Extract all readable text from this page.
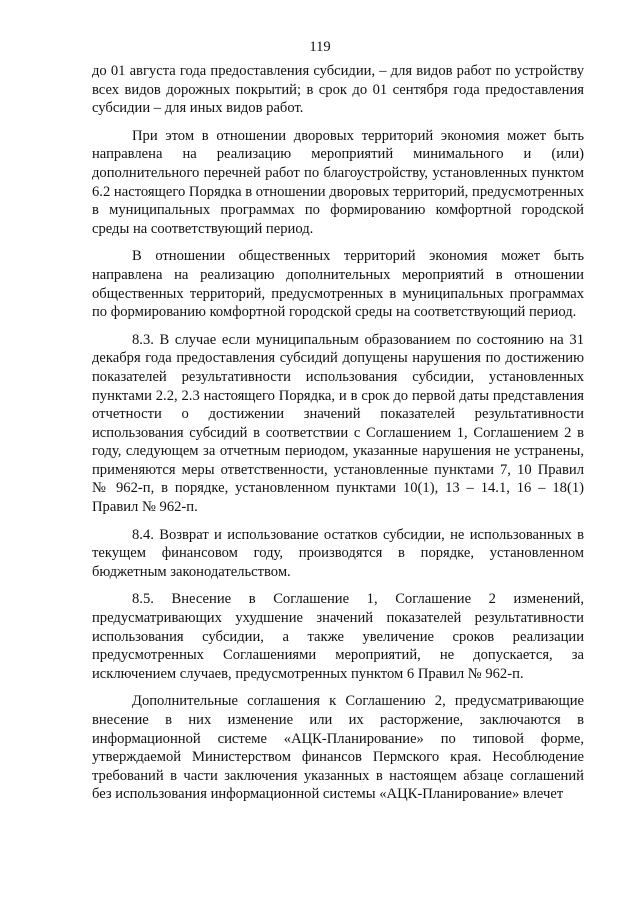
119

до 01 августа года предоставления субсидии, – для видов работ по устройству всех видов дорожных покрытий; в срок до 01 сентября года предоставления субсидии – для иных видов работ.

При этом в отношении дворовых территорий экономия может быть направлена на реализацию мероприятий минимального и (или) дополнительного перечней работ по благоустройству, установленных пунктом 6.2 настоящего Порядка в отношении дворовых территорий, предусмотренных в муниципальных программах по формированию комфортной городской среды на соответствующий период.

В отношении общественных территорий экономия может быть направлена на реализацию дополнительных мероприятий в отношении общественных территорий, предусмотренных в муниципальных программах по формированию комфортной городской среды на соответствующий период.

8.3. В случае если муниципальным образованием по состоянию на 31 декабря года предоставления субсидий допущены нарушения по достижению показателей результативности использования субсидии, установленных пунктами 2.2, 2.3 настоящего Порядка, и в срок до первой даты представления отчетности о достижении значений показателей результативности использования субсидий в соответствии с Соглашением 1, Соглашением 2 в году, следующем за отчетным периодом, указанные нарушения не устранены, применяются меры ответственности, установленные пунктами 7, 10 Правил № 962-п, в порядке, установленном пунктами 10(1), 13 – 14.1, 16 – 18(1) Правил № 962-п.

8.4. Возврат и использование остатков субсидии, не использованных в текущем финансовом году, производятся в порядке, установленном бюджетным законодательством.

8.5. Внесение в Соглашение 1, Соглашение 2 изменений, предусматривающих ухудшение значений показателей результативности использования субсидии, а также увеличение сроков реализации предусмотренных Соглашениями мероприятий, не допускается, за исключением случаев, предусмотренных пунктом 6 Правил № 962-п.

Дополнительные соглашения к Соглашению 2, предусматривающие внесение в них изменение или их расторжение, заключаются в информационной системе «АЦК-Планирование» по типовой форме, утверждаемой Министерством финансов Пермского края. Несоблюдение требований в части заключения указанных в настоящем абзаце соглашений без использования информационной системы «АЦК-Планирование» влечет
